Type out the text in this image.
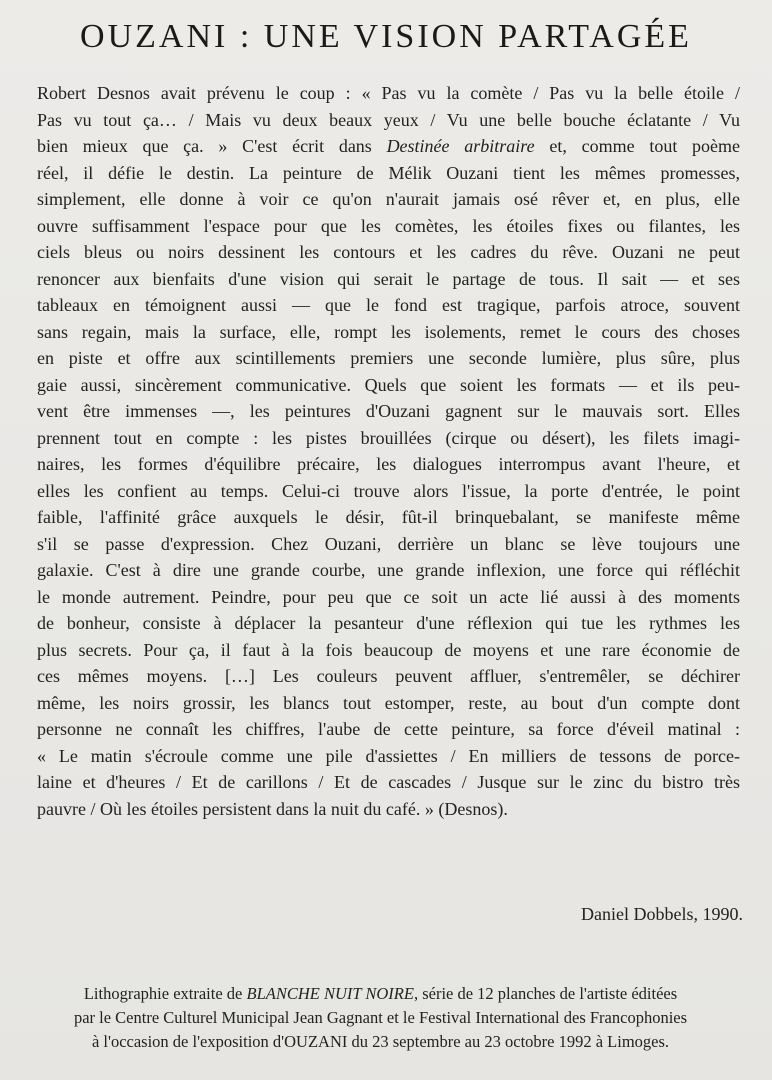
OUZANI : UNE VISION PARTAGÉE
Robert Desnos avait prévenu le coup : « Pas vu la comète / Pas vu la belle étoile /
Pas vu tout ça… / Mais vu deux beaux yeux / Vu une belle bouche éclatante / Vu
bien mieux que ça. » C'est écrit dans Destinée arbitraire et, comme tout poème
réel, il défie le destin. La peinture de Mélik Ouzani tient les mêmes promesses,
simplement, elle donne à voir ce qu'on n'aurait jamais osé rêver et, en plus, elle
ouvre suffisamment l'espace pour que les comètes, les étoiles fixes ou filantes, les
ciels bleus ou noirs dessinent les contours et les cadres du rêve. Ouzani ne peut
renoncer aux bienfaits d'une vision qui serait le partage de tous. Il sait — et ses
tableaux en témoignent aussi — que le fond est tragique, parfois atroce, souvent
sans regain, mais la surface, elle, rompt les isolements, remet le cours des choses
en piste et offre aux scintillements premiers une seconde lumière, plus sûre, plus
gaie aussi, sincèrement communicative. Quels que soient les formats — et ils peu-
vent être immenses —, les peintures d'Ouzani gagnent sur le mauvais sort. Elles
prennent tout en compte : les pistes brouillées (cirque ou désert), les filets imagi-
naires, les formes d'équilibre précaire, les dialogues interrompus avant l'heure, et
elles les confient au temps. Celui-ci trouve alors l'issue, la porte d'entrée, le point
faible, l'affinité grâce auxquels le désir, fût-il brinquebalant, se manifeste même
s'il se passe d'expression. Chez Ouzani, derrière un blanc se lève toujours une
galaxie. C'est à dire une grande courbe, une grande inflexion, une force qui réfléchit
le monde autrement. Peindre, pour peu que ce soit un acte lié aussi à des moments
de bonheur, consiste à déplacer la pesanteur d'une réflexion qui tue les rythmes les
plus secrets. Pour ça, il faut à la fois beaucoup de moyens et une rare économie de
ces mêmes moyens. […] Les couleurs peuvent affluer, s'entremêler, se déchirer
même, les noirs grossir, les blancs tout estomper, reste, au bout d'un compte dont
personne ne connaît les chiffres, l'aube de cette peinture, sa force d'éveil matinal :
« Le matin s'écroule comme une pile d'assiettes / En milliers de tessons de porce-
laine et d'heures / Et de carillons / Et de cascades / Jusque sur le zinc du bistro très
pauvre / Où les étoiles persistent dans la nuit du café. » (Desnos).
Daniel Dobbels, 1990.
Lithographie extraite de BLANCHE NUIT NOIRE, série de 12 planches de l'artiste éditées
par le Centre Culturel Municipal Jean Gagnant et le Festival International des Francophonies
à l'occasion de l'exposition d'OUZANI du 23 septembre au 23 octobre 1992 à Limoges.
